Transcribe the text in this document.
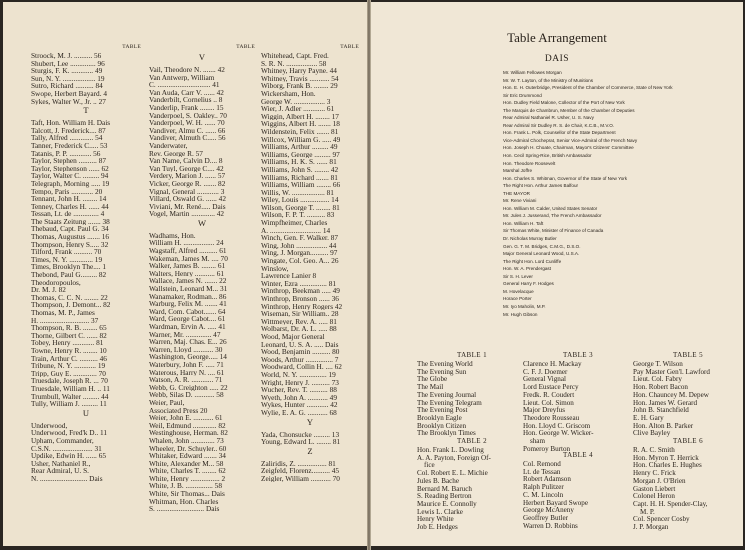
TABLE
Stroock, M. J. .......... 56
Shubert, Lee .............. 96
Sturgis, F. K. ............ 49
Sun, N. Y. .................. 19
Sutro, Richard .......... 84
Swope, Herbert Bayard. 4
Sykes, Walter W., Jr. .. 27
T
Taft, Hon. William H. Dais
Talcott, J. Frederick.... 87
Tally, Alfred ............. 54
Tanner, Frederick C..... 53
Tatanis, P. P. ............ 56
Taylor, Stephen .......... 87
Taylor, Stephenson ...... 62
Taylor, Walter C. ......... 94
Telegraph, Morning ..... 19
Tempo, Paris ............ 20
Tennant, John H. ........ 14
Tenney, Charles H. ...... 44
Tessan, Lt. de .............. 4
The Staats Zeitung ....... 38
Thebaud, Capt. Paul G. 34
Thomas, Augustus ....... 16
Thompson, Henry S..... 32
Tilford, Frank .......... 70
Times, N. Y. ............. 19
Times, Brooklyn The.... 1
Thebond, Paul G......... 82
Theodoropoulos,
Dr. M. J. 82
Thomas, C. C. N. ........ 22
Thompson, J. Demont... 82
Thomas, M. P., James
H. ........................... 37
Thompson, R. B. ........ 65
Thorne, Gilbert C. ...... 82
Tobey, Henry ............ 81
Towne, Henry R. ........ 10
Train, Arthur C. .......... 46
Tribune, N. Y. ............ 19
Tripp, Guy E. ............. 70
Truesdale, Joseph R. ... 70
Truesdale, William H. .. 11
Trumbull, Walter ......... 44
Tully, William J. ......... 11
U
Underwood,
Underwood, Fred'k D.. 11
Upham, Commander,
C.S.N. ...................... 31
Updike, Edwin H. ...... 65
Usher, Nathaniel R.,
Rear Admiral, U. S.
N. .......................... Dais
TABLE
V
Vail, Theodore N. ....... 42
Van Antwerp, William
C. ............................. 41
Van Auda, Carr V. ...... 42
Vanderbilt, Cornelius .. 8
Vanderlip, Frank ........ 15
Vanderpoel, S. Oakley.. 70
Vanderpoel, W. H. ...... 70
Vandiver, Almu C. ...... 66
Vandiver, Almuth C..... 56
Vanderwater,
Rev. George R. 57
Van Name, Calvin D.... 8
Van Tuyl, George C.... 42
Verdery, Marion J. ...... 57
Vicker, George R. ....... 82
Vignal, General ............ 3
Villard, Oswald G. ...... 42
Viviani, Mr. René..... Dais
Vogel, Martin ............. 42
W
Wadhams, Hon.
William H. ................. 24
Wagstaff, Alfred .......... 61
Wakeman, James M. .... 70
Walker, James B. ........ 61
Walters, Henry ........... 61
Wallace, James N. ....... 22
Wallstein, Leonard M... 31
Wanamaker, Rodman... 86
Warburg, Felix M. ....... 41
Ward, Com. Cabot....... 64
Ward, George Cabot.... 61
Wardman, Ervin A. ..... 41
Warner, Mr. .............. 47
Warren, Maj. Chas. E... 26
Warren, Lloyd ........... 30
Washington, George..... 14
Waterbury, John F. ..... 71
Waterous, Harry N. .... 61
Watson, A. R. ............ 71
Webb, G. Creighton ..... 22
Webb, Silas D. ........... 58
Weier, Paul,
Associated Press 20
Weier, John E. ........... 61
Weil, Edmund ............. 82
Westinghouse, Herman. 82
Whalen, John ............. 73
Wheeler, Dr. Schuyler.. 60
Whitaker, Edward ....... 34
White, Alexander M... 58
White, Charles T. ........ 62
White, Henry ................ 2
White, J. B. ............... 58
White, Sir Thomas... Dais
Whitman, Hon. Charles
S. .......................... Dais
TABLE
Whitehead, Capt. Fred.
S. R. N. ................. 58
Whitney, Harry Payne. 44
Whitney, Travis ........... 54
Wiborg, Frank B. ........ 29
Wickersham, Hon.
George W. ................. 3
Wier, J. Adler ............ 61
Wiggin, Albert H. ........ 17
Wiggins, Albert H. ....... 18
Wildenstein, Felix ....... 81
Willcox, William G. ..... 49
Williams, Arthur ......... 49
Williams, George ......... 97
Williams, H. K. S. ...... 81
Williams, John S. ........ 42
Williams, Richard ....... 81
Williams, William ........ 66
Willis, W. .................. 81
Wiley, Louis ................ 14
Wilson, George T. ........ 81
Wilson, F. P. T. .......... 83
Wimpfheimer, Charles
A. ............................ 14
Winch, Gen. F. Walker. 87
Wing, John ................. 44
Wing, J. Morgan.......... 97
Wingate, Col. Geo. A... 26
Winslow,
Lawrence Lanier 8
Winter, Ezra ............... 81
Winthrop, Beekman ..... 49
Winthrop, Bronson ...... 36
Winthrop, Henry Rogers 42
Wiseman, Sir William.. 28
Wittmeyer, Rev. A. ..... 81
Wolbarst, Dr. A. L. ..... 88
Wood, Major General
Leonard, U. S. A. ..... Dais
Wood, Benjamin .......... 80
Woods, Arthur ............... 7
Woodward, Collin H. .... 62
World, N. Y. ............... 19
Wright, Henry J. .......... 73
Wucher, Rev. T. .......... 88
Wyeth, John A. ........... 49
Wykes, Hunter ............ 42
Wylie, E. A. G. ........... 68
Y
Yada, Chonsucke ......... 13
Young, Edward L. ........ 81
Z
Zaliridis, Z. ................ 81
Zeigfeld, Florenz.......... 45
Zeigler, William ........... 70
Table Arrangement
DAIS
Mr. William Fellowes Morgan
Mr. W. T. Layton, of the Ministry of Munitions
Hon. E. H. Outerbridge, President of the Chamber of Commerce, State of New York
Sir Eric Drummond
Hon. Dudley Field Malone, Collector of the Port of New York
The Marquis de Chambrun, Member of the Chamber of Deputies
Rear Admiral Nathaniel R. Usher, U. S. Navy
Rear Admiral Sir Dudley R. S. de Chair, K.C.B., M.V.O.
Hon. Frank L. Polk, Counsellor of the State Department
Vice-Admiral Chocheprat, Senior Vice-Admiral of the French Navy
Hon. Joseph H. Choate, Chairman, Mayor's Citizens' Committee
Hon. Cecil Spring-Rice, British Ambassador
Hon. Theodore Roosevelt
Marshal Joffre
Hon. Charles S. Whitman, Governor of the State of New York
The Right Hon. Arthur James Balfour
THE MAYOR
Mr. Rene Viviani
Hon. William M. Calder, United States Senator
Mr. Jules J. Jusserand, The French Ambassador
Hon. William H. Taft
Sir Thomas White, Minister of Finance of Canada
Dr. Nicholas Murray Butler
Gen. G. T. M. Bridges, C.M.G., D.S.O.
Major General Leonard Wood, U.S.A.
The Right Hon. Lord Cunliffe
Hon. W. A. Prendergast
Sir S. H. Lever
General Harry F. Hodges
M. Hovelacque
Horace Porter
Mr. Iyo Maholin, M.P.
Mr. Hugh Gibson
TABLE 1
The Evening World
The Evening Sun
The Globe
The Mail
The Evening Journal
The Evening Telegram
The Evening Post
Brooklyn Eagle
Brooklyn Citizen
The Brooklyn Times
TABLE 2
Hon. Frank L. Dowling
A. A. Payton, Foreign Of-
fice
Col. Robert E. L. Michie
Jules B. Bache
Bernard M. Baruch
S. Reading Bertron
Maurice E. Connolly
Lewis L. Clarke
Henry White
Job E. Hedges
TABLE 3
Clarence H. Mackay
C. F. J. Doemer
General Vignal
Lord Eustace Percy
Fredk. R. Coudert
Lieut. Col. Simon
Major Dreyfus
Theodore Rousseau
Hon. Lloyd C. Griscom
Hon. George W. Wicker-
sham
Pomeroy Burton
TABLE 4
Col. Remond
Lt. de Tessan
Robert Adamson
Ralph Pulitzer
C. M. Lincoln
Herbert Bayard Swope
George McAneny
Geoffrey Butler
Warren D. Robbins
TABLE 5
George T. Wilson
Pay Master Gen'l. Lawford
Lieut. Col. Fabry
Hon. Robert Bacon
Hon. Chauncey M. Depew
Hon. James W. Gerard
John B. Stanchfield
E. H. Gary
Hon. Alton B. Parker
Clive Bayley
TABLE 6
R. A. C. Smith
Hon. Myron T. Herrick
Hon. Charles E. Hughes
Henry C. Frick
Morgan J. O'Brien
Gaston Liebert
Colonel Heron
Capt. H. H. Spender-Clay,
M. P.
Col. Spencer Cosby
J. P. Morgan
